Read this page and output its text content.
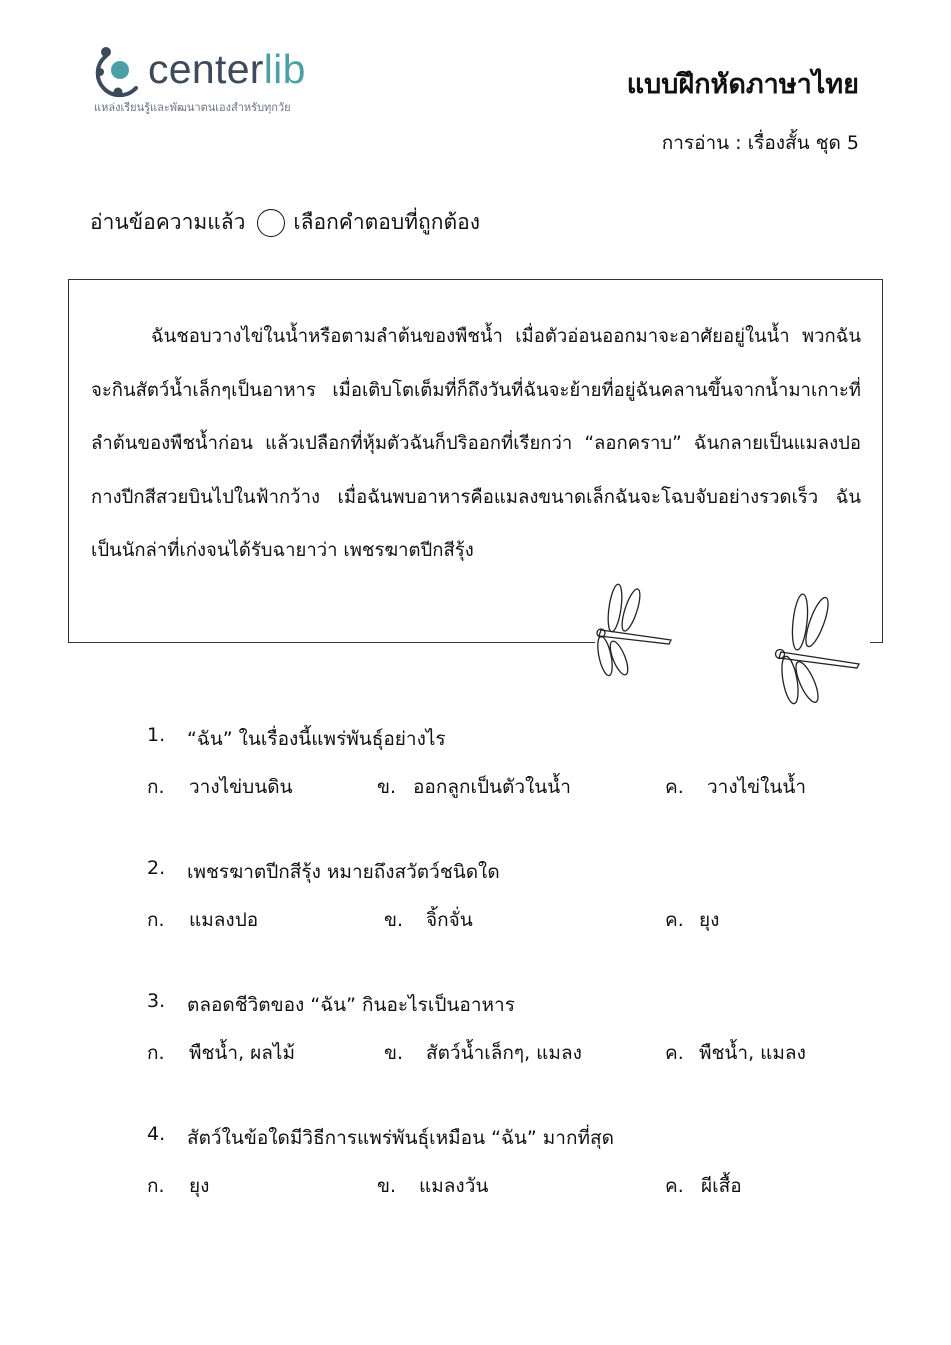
centerlib
แหล่งเรียนรู้และพัฒนาตนเองสำหรับทุกวัย
แบบฝึกหัดภาษาไทย
การอ่าน : เรื่องสั้น ชุด 5
อ่านข้อความแล้ว เลือกคำตอบที่ถูกต้อง

ฉันชอบวางไข่ในน้ำหรือตามลำต้นของพืชน้ำ เมื่อตัวอ่อนออกมาจะอาศัยอยู่ในน้ำ พวกฉันจะกินสัตว์น้ำเล็กๆเป็นอาหาร เมื่อเติบโตเต็มที่ก็ถึงวันที่ฉันจะย้ายที่อยู่ฉันคลานขึ้นจากน้ำมาเกาะที่ลำต้นของพืชน้ำก่อน แล้วเปลือกที่หุ้มตัวฉันก็ปริออกที่เรียกว่า “ลอกคราบ” ฉันกลายเป็นแมลงปอกางปีกสีสวยบินไปในฟ้ากว้าง เมื่อฉันพบอาหารคือแมลงขนาดเล็กฉันจะโฉบจับอย่างรวดเร็ว ฉันเป็นนักล่าที่เก่งจนได้รับฉายาว่า เพชรฆาตปีกสีรุ้ง

1.	“ฉัน” ในเรื่องนี้แพร่พันธุ์อย่างไร
ก.	วางไข่บนดิน	ข. ออกลูกเป็นตัวในน้ำ	ค.	วางไข่ในน้ำ
2.	เพชรฆาตปีกสีรุ้ง หมายถึงสวัตว์ชนิดใด
ก.	แมลงปอ	ข.	จิ้กจั่น	ค. ยุง
3.	ตลอดชีวิตของ “ฉัน” กินอะไรเป็นอาหาร
ก.	พืชน้ำ, ผลไม้	ข.	สัตว์น้ำเล็กๆ, แมลง	ค. พืชน้ำ, แมลง
4.	สัตว์ในข้อใดมีวิธีการแพร่พันธุ์เหมือน “ฉัน” มากที่สุด
ก.	ยุง	ข.	แมลงวัน	ค. ผีเสื้อ
